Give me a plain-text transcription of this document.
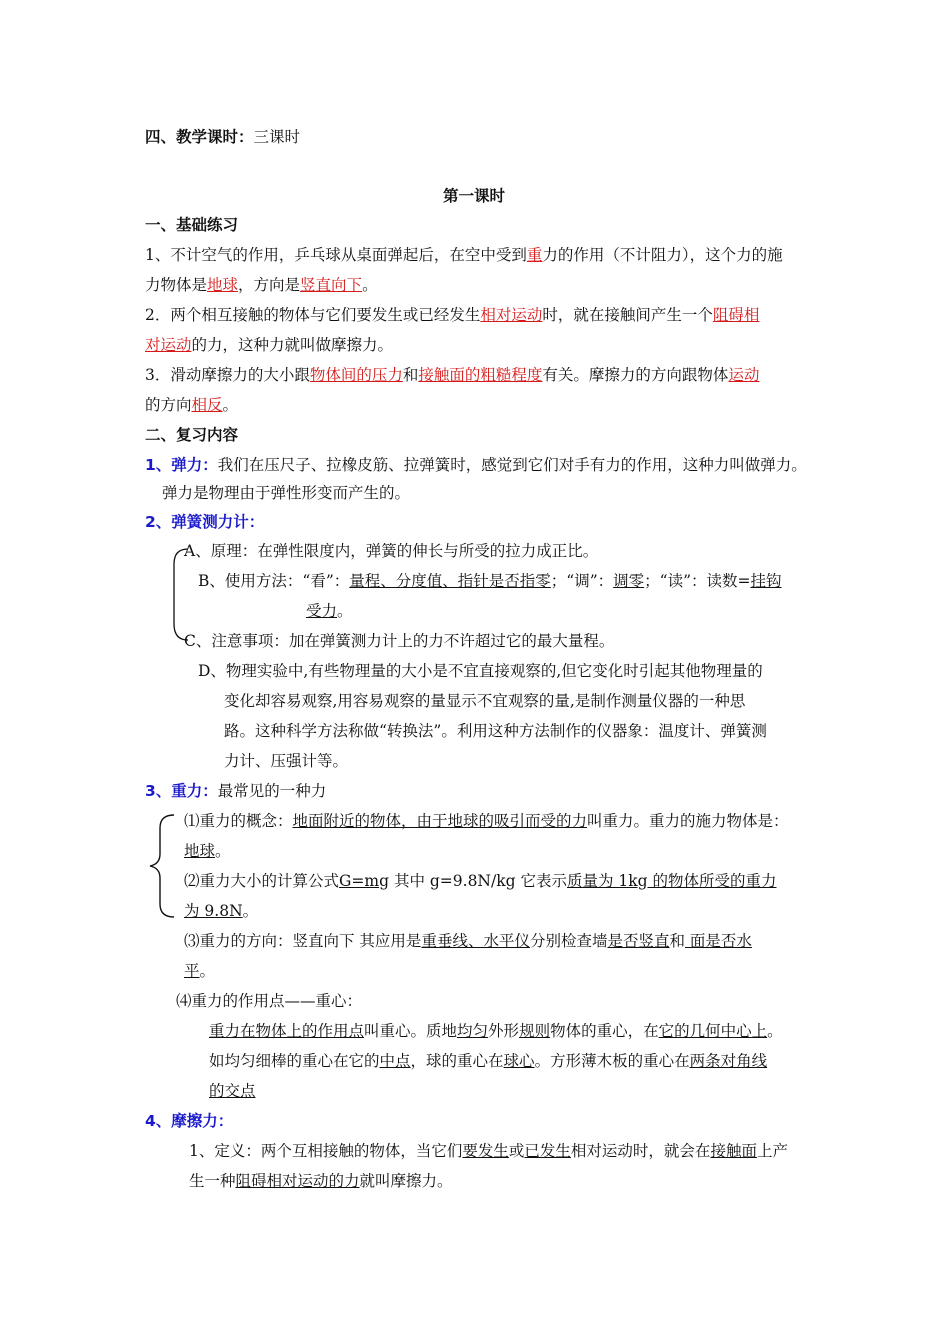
四、教学课时：三课时
第一课时
一、基础练习
1、不计空气的作用，乒乓球从桌面弹起后，在空中受到重力的作用（不计阻力），这个力的施
力物体是地球，方向是竖直向下。
2．两个相互接触的物体与它们要发生或已经发生相对运动时，就在接触间产生一个阻碍相
对运动的力，这种力就叫做摩擦力。
3．滑动摩擦力的大小跟物体间的压力和接触面的粗糙程度有关。摩擦力的方向跟物体运动
的方向相反。
二、复习内容
1、弹力：我们在压尺子、拉橡皮筋、拉弹簧时，感觉到它们对手有力的作用，这种力叫做弹力。
弹力是物理由于弹性形变而产生的。
2、弹簧测力计：
A、原理：在弹性限度内，弹簧的伸长与所受的拉力成正比。
B、使用方法：“看”：量程、分度值、指针是否指零；“调”：调零；“读”：读数=挂钩
受力。
C、注意事项：加在弹簧测力计上的力不许超过它的最大量程。
D、物理实验中,有些物理量的大小是不宜直接观察的,但它变化时引起其他物理量的
变化却容易观察,用容易观察的量显示不宜观察的量,是制作测量仪器的一种思
路。这种科学方法称做“转换法”。利用这种方法制作的仪器象：温度计、弹簧测
力计、压强计等。
3、重力：最常见的一种力
⑴重力的概念：地面附近的物体，由于地球的吸引而受的力叫重力。重力的施力物体是：
地球。
⑵重力大小的计算公式G=mg 其中 g=9.8N/kg 它表示质量为 1kg 的物体所受的重力
为 9.8N。
⑶重力的方向：竖直向下 其应用是重垂线、水平仪分别检查墙是否竖直和 面是否水
平。
⑷重力的作用点——重心：
重力在物体上的作用点叫重心。质地均匀外形规则物体的重心，在它的几何中心上。
如均匀细棒的重心在它的中点，球的重心在球心。方形薄木板的重心在两条对角线
的交点
4、摩擦力：
1、定义：两个互相接触的物体，当它们要发生或已发生相对运动时，就会在接触面上产
生一种阻碍相对运动的力就叫摩擦力。
